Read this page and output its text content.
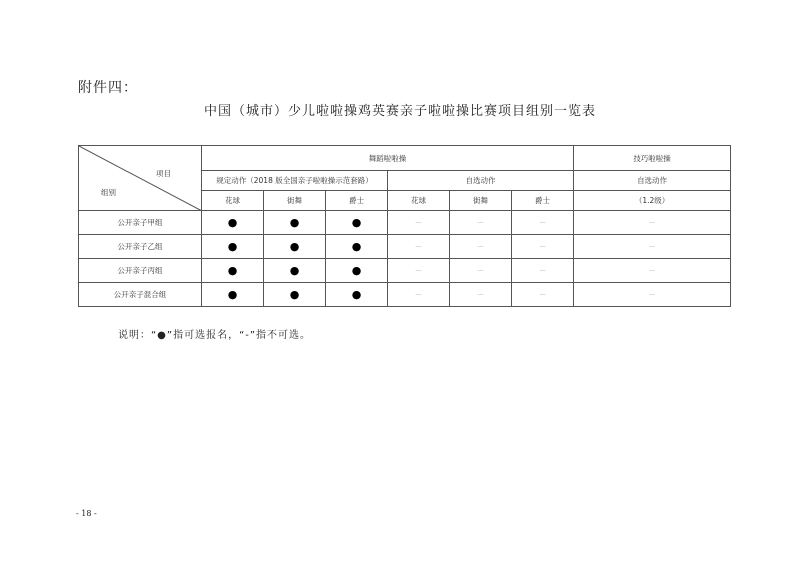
附件四：
中国（城市）少儿啦啦操鸡英赛亲子啦啦操比赛项目组别一览表
项目
组别	舞蹈啦啦操						技巧啦啦操
	规定动作（2018 版全国亲子啦啦操示范套路）			自选动作			自选动作
	花球	街舞	爵士	花球	街舞	爵士	（1.2级）
公开亲子甲组	●	●	●	－	－	－	－
公开亲子乙组	●	●	●	－	－	－	－
公开亲子丙组	●	●	●	－	－	－	－
公开亲子混合组	●	●	●	－	－	－	－
说明：“●”指可选报名，“-”指不可选。
- 18 -
